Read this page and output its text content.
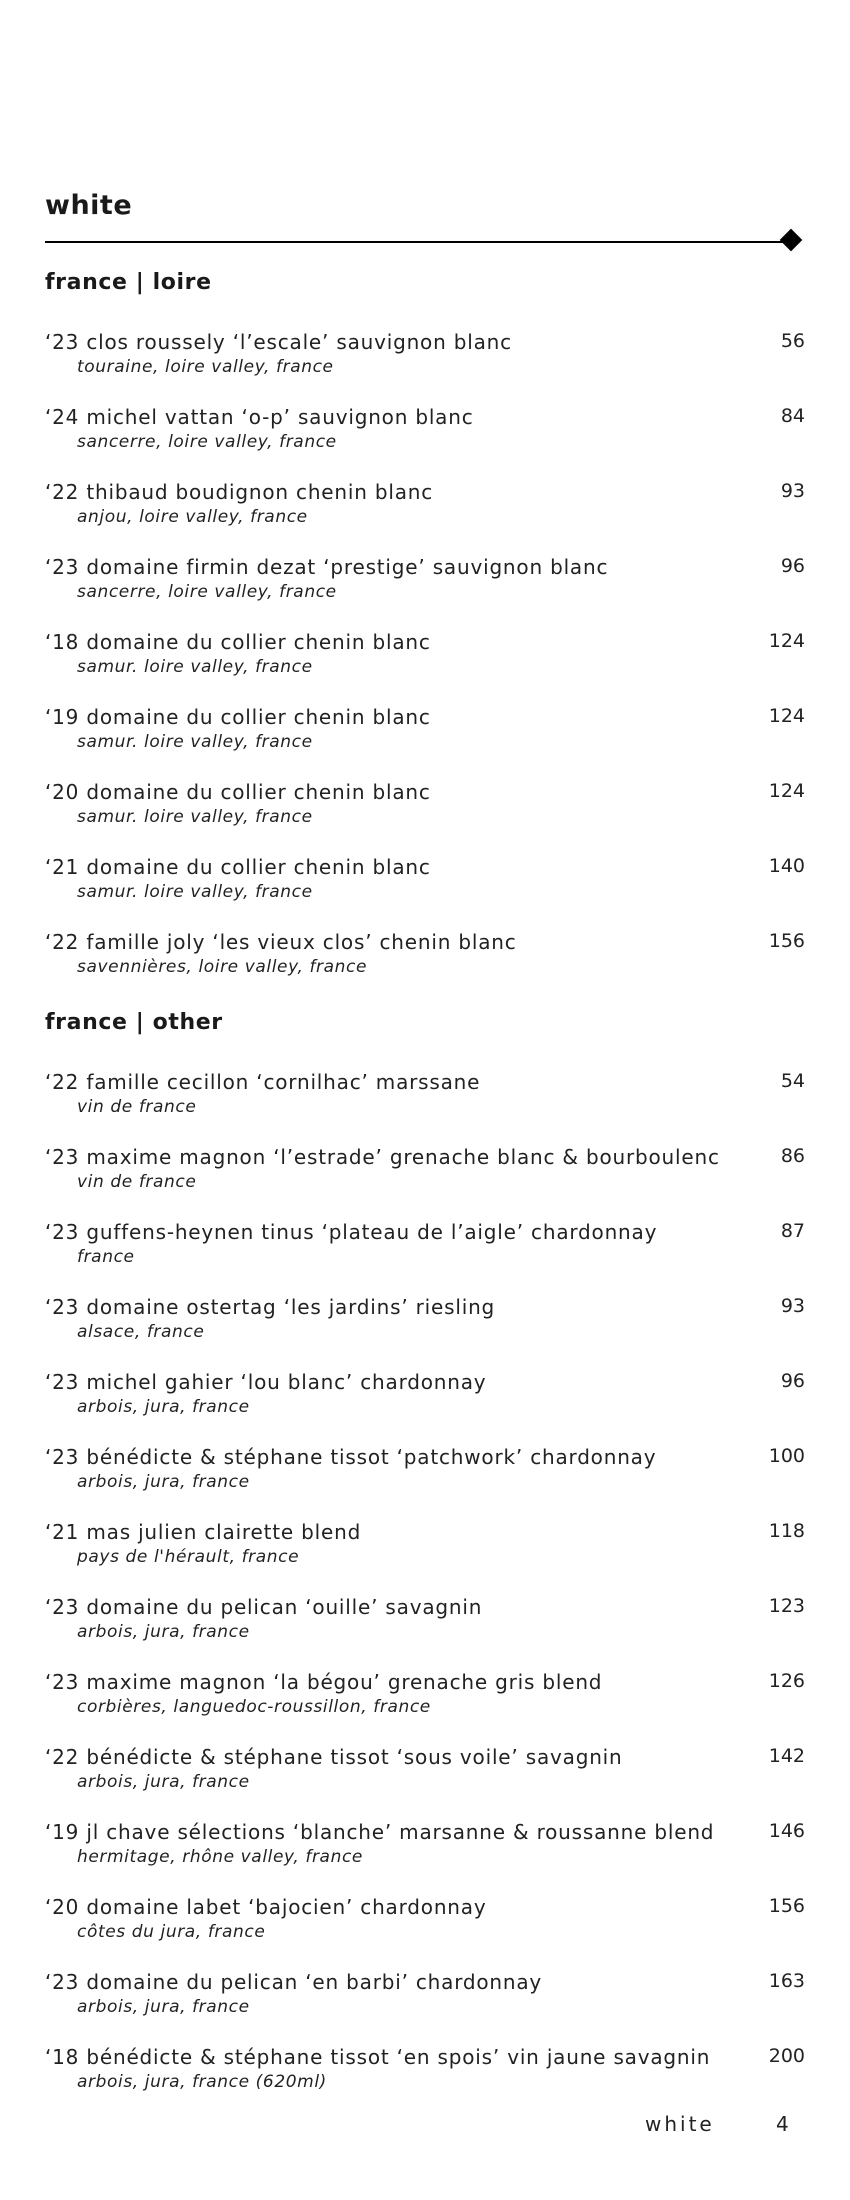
white
france | loire
‘23 clos roussely ‘l’escale’ sauvignon blanc
touraine, loire valley, france
56
‘24 michel vattan ‘o-p’ sauvignon blanc
sancerre, loire valley, france
84
‘22 thibaud boudignon chenin blanc
anjou, loire valley, france
93
‘23 domaine firmin dezat ‘prestige’ sauvignon blanc
sancerre, loire valley, france
96
‘18 domaine du collier chenin blanc
samur. loire valley, france
124
‘19 domaine du collier chenin blanc
samur. loire valley, france
124
‘20 domaine du collier chenin blanc
samur. loire valley, france
124
‘21 domaine du collier chenin blanc
samur. loire valley, france
140
‘22 famille joly ‘les vieux clos’ chenin blanc
savennières, loire valley, france
156
france | other
‘22 famille cecillon ‘cornilhac’ marssane
vin de france
54
‘23 maxime magnon ‘l’estrade’ grenache blanc & bourboulenc
vin de france
86
‘23 guffens-heynen tinus ‘plateau de l’aigle’ chardonnay
france
87
‘23 domaine ostertag ‘les jardins’ riesling
alsace, france
93
‘23 michel gahier ‘lou blanc’ chardonnay
arbois, jura, france
96
‘23 bénédicte & stéphane tissot ‘patchwork’ chardonnay
arbois, jura, france
100
‘21 mas julien clairette blend
pays de l'hérault, france
118
‘23 domaine du pelican ‘ouille’ savagnin
arbois, jura, france
123
‘23 maxime magnon ‘la bégou’ grenache gris blend
corbières, languedoc-roussillon, france
126
‘22 bénédicte & stéphane tissot ‘sous voile’ savagnin
arbois, jura, france
142
‘19 jl chave sélections ‘blanche’ marsanne & roussanne blend
hermitage, rhône valley, france
146
‘20 domaine labet ‘bajocien’ chardonnay
côtes du jura, france
156
‘23 domaine du pelican ‘en barbi’ chardonnay
arbois, jura, france
163
‘18 bénédicte & stéphane tissot ‘en spois’ vin jaune savagnin
arbois, jura, france (620ml)
200
white	4
